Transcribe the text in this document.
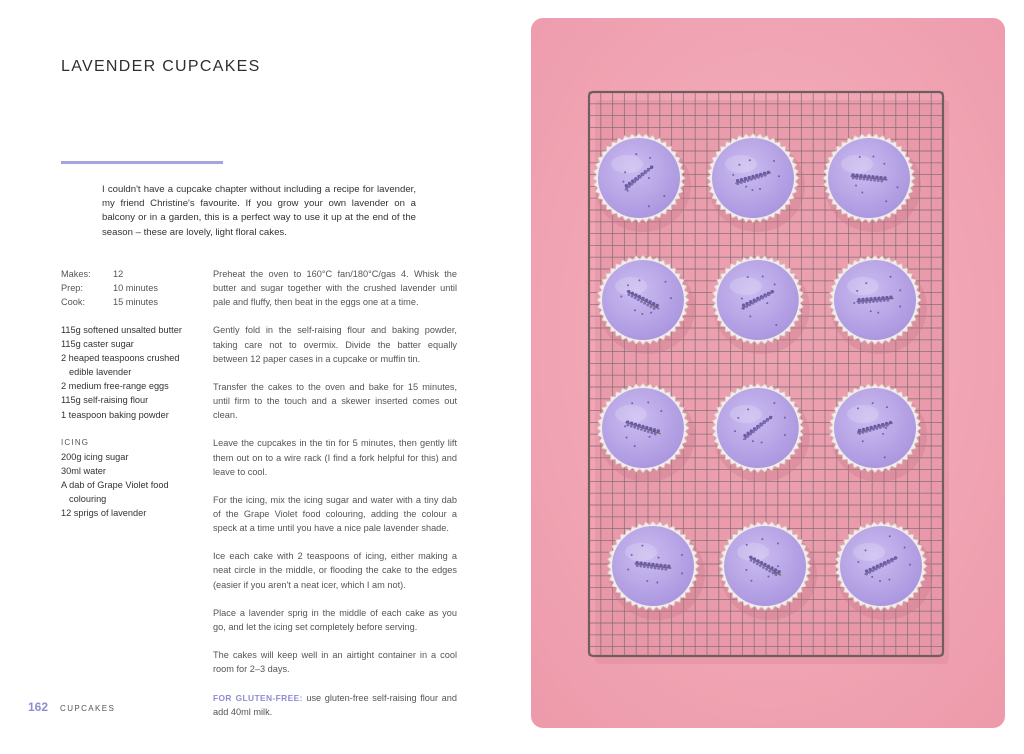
LAVENDER CUPCAKES

I couldn't have a cupcake chapter without including a recipe for lavender, my friend Christine's favourite. If you grow your own lavender on a balcony or in a garden, this is a perfect way to use it up at the end of the season – these are lovely, light floral cakes.

Makes:	12
Prep:	10 minutes
Cook:	15 minutes
115g softened unsalted butter
115g caster sugar
2 heaped teaspoons crushed edible lavender
2 medium free-range eggs
115g self-raising flour
1 teaspoon baking powder
ICING
200g icing sugar
30ml water
A dab of Grape Violet food colouring
12 sprigs of lavender

Preheat the oven to 160°C fan/180°C/gas 4. Whisk the butter and sugar together with the crushed lavender until pale and fluffy, then beat in the eggs one at a time.

Gently fold in the self-raising flour and baking powder, taking care not to overmix. Divide the batter equally between 12 paper cases in a cupcake or muffin tin.

Transfer the cakes to the oven and bake for 15 minutes, until firm to the touch and a skewer inserted comes out clean.

Leave the cupcakes in the tin for 5 minutes, then gently lift them out on to a wire rack (I find a fork helpful for this) and leave to cool.

For the icing, mix the icing sugar and water with a tiny dab of the Grape Violet food colouring, adding the colour a speck at a time until you have a nice pale lavender shade.

Ice each cake with 2 teaspoons of icing, either making a neat circle in the middle, or flooding the cake to the edges (easier if you aren't a neat icer, which I am not).

Place a lavender sprig in the middle of each cake as you go, and let the icing set completely before serving.

The cakes will keep well in an airtight container in a cool room for 2–3 days.

FOR GLUTEN-FREE: use gluten-free self-raising flour and add 40ml milk.

162 CUPCAKES
